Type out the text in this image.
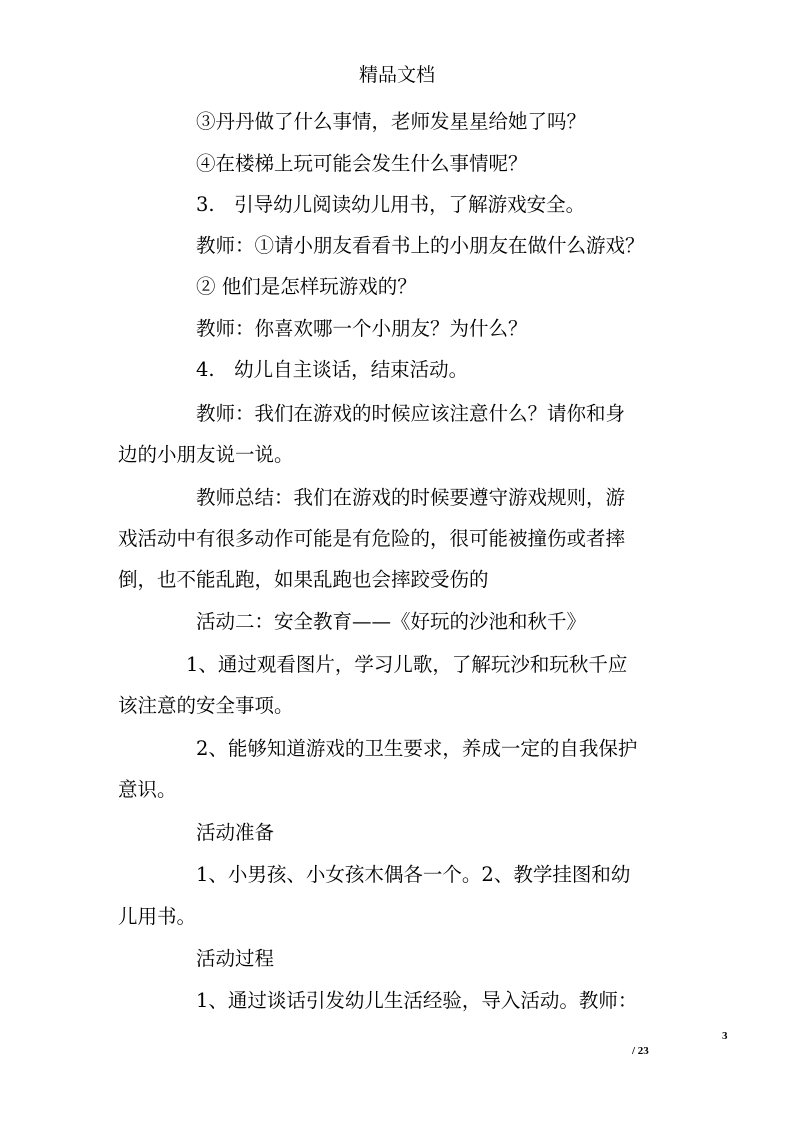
精品文档
③丹丹做了什么事情，老师发星星给她了吗？
④在楼梯上玩可能会发生什么事情呢？
3.　引导幼儿阅读幼儿用书，了解游戏安全。
教师：①请小朋友看看书上的小朋友在做什么游戏？
② 他们是怎样玩游戏的？
教师：你喜欢哪一个小朋友？为什么？
4.　幼儿自主谈话，结束活动。
教师：我们在游戏的时候应该注意什么？请你和身
边的小朋友说一说。
教师总结：我们在游戏的时候要遵守游戏规则，游
戏活动中有很多动作可能是有危险的，很可能被撞伤或者摔
倒，也不能乱跑，如果乱跑也会摔跤受伤的
活动二：安全教育——《好玩的沙池和秋千》
1、通过观看图片，学习儿歌，了解玩沙和玩秋千应
该注意的安全事项。
2、能够知道游戏的卫生要求，养成一定的自我保护
意识。
活动准备
1、小男孩、小女孩木偶各一个。2、教学挂图和幼
儿用书。
活动过程
1、通过谈话引发幼儿生活经验，导入活动。教师：
3
/ 23
